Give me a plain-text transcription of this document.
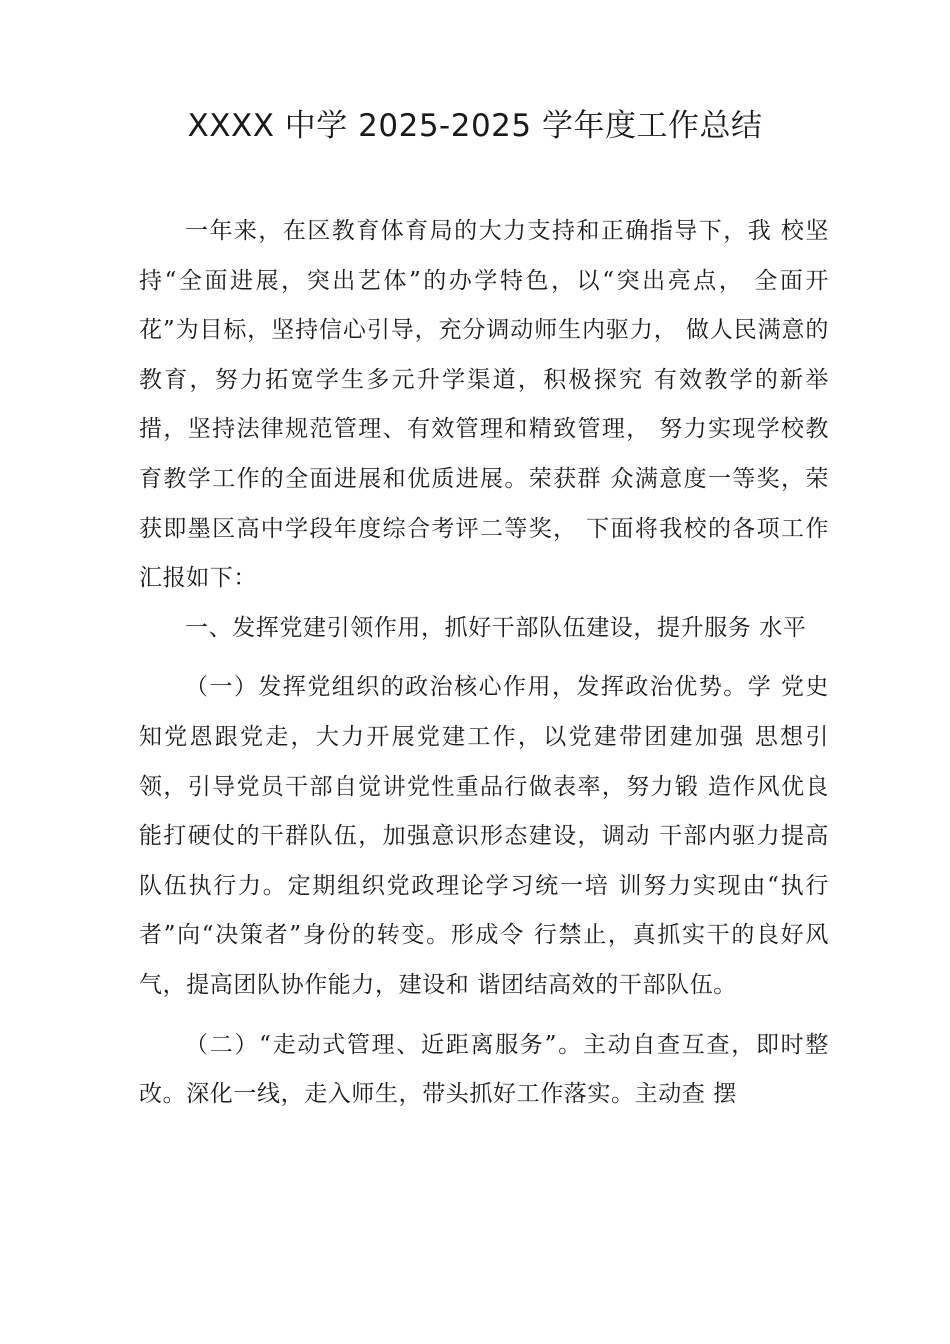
XXXX 中学 2025-2025 学年度工作总结

一年来，在区教育体育局的大力支持和正确指导下，我 校坚持“全面进展，突出艺体”的办学特色，以“突出亮点， 全面开花”为目标，坚持信心引导，充分调动师生内驱力， 做人民满意的教育，努力拓宽学生多元升学渠道，积极探究 有效教学的新举措，坚持法律规范管理、有效管理和精致管理， 努力实现学校教育教学工作的全面进展和优质进展。荣获群 众满意度一等奖，荣获即墨区高中学段年度综合考评二等奖， 下面将我校的各项工作汇报如下：

一、发挥党建引领作用，抓好干部队伍建设，提升服务 水平

（一）发挥党组织的政治核心作用，发挥政治优势。学 党史知党恩跟党走，大力开展党建工作，以党建带团建加强 思想引领，引导党员干部自觉讲党性重品行做表率，努力锻 造作风优良能打硬仗的干群队伍，加强意识形态建设，调动 干部内驱力提高队伍执行力。定期组织党政理论学习统一培 训努力实现由“执行者”向“决策者”身份的转变。形成令 行禁止，真抓实干的良好风气，提高团队协作能力，建设和 谐团结高效的干部队伍。

（二）“走动式管理、近距离服务”。主动自查互查，即时整改。深化一线，走入师生，带头抓好工作落实。主动查 摆
